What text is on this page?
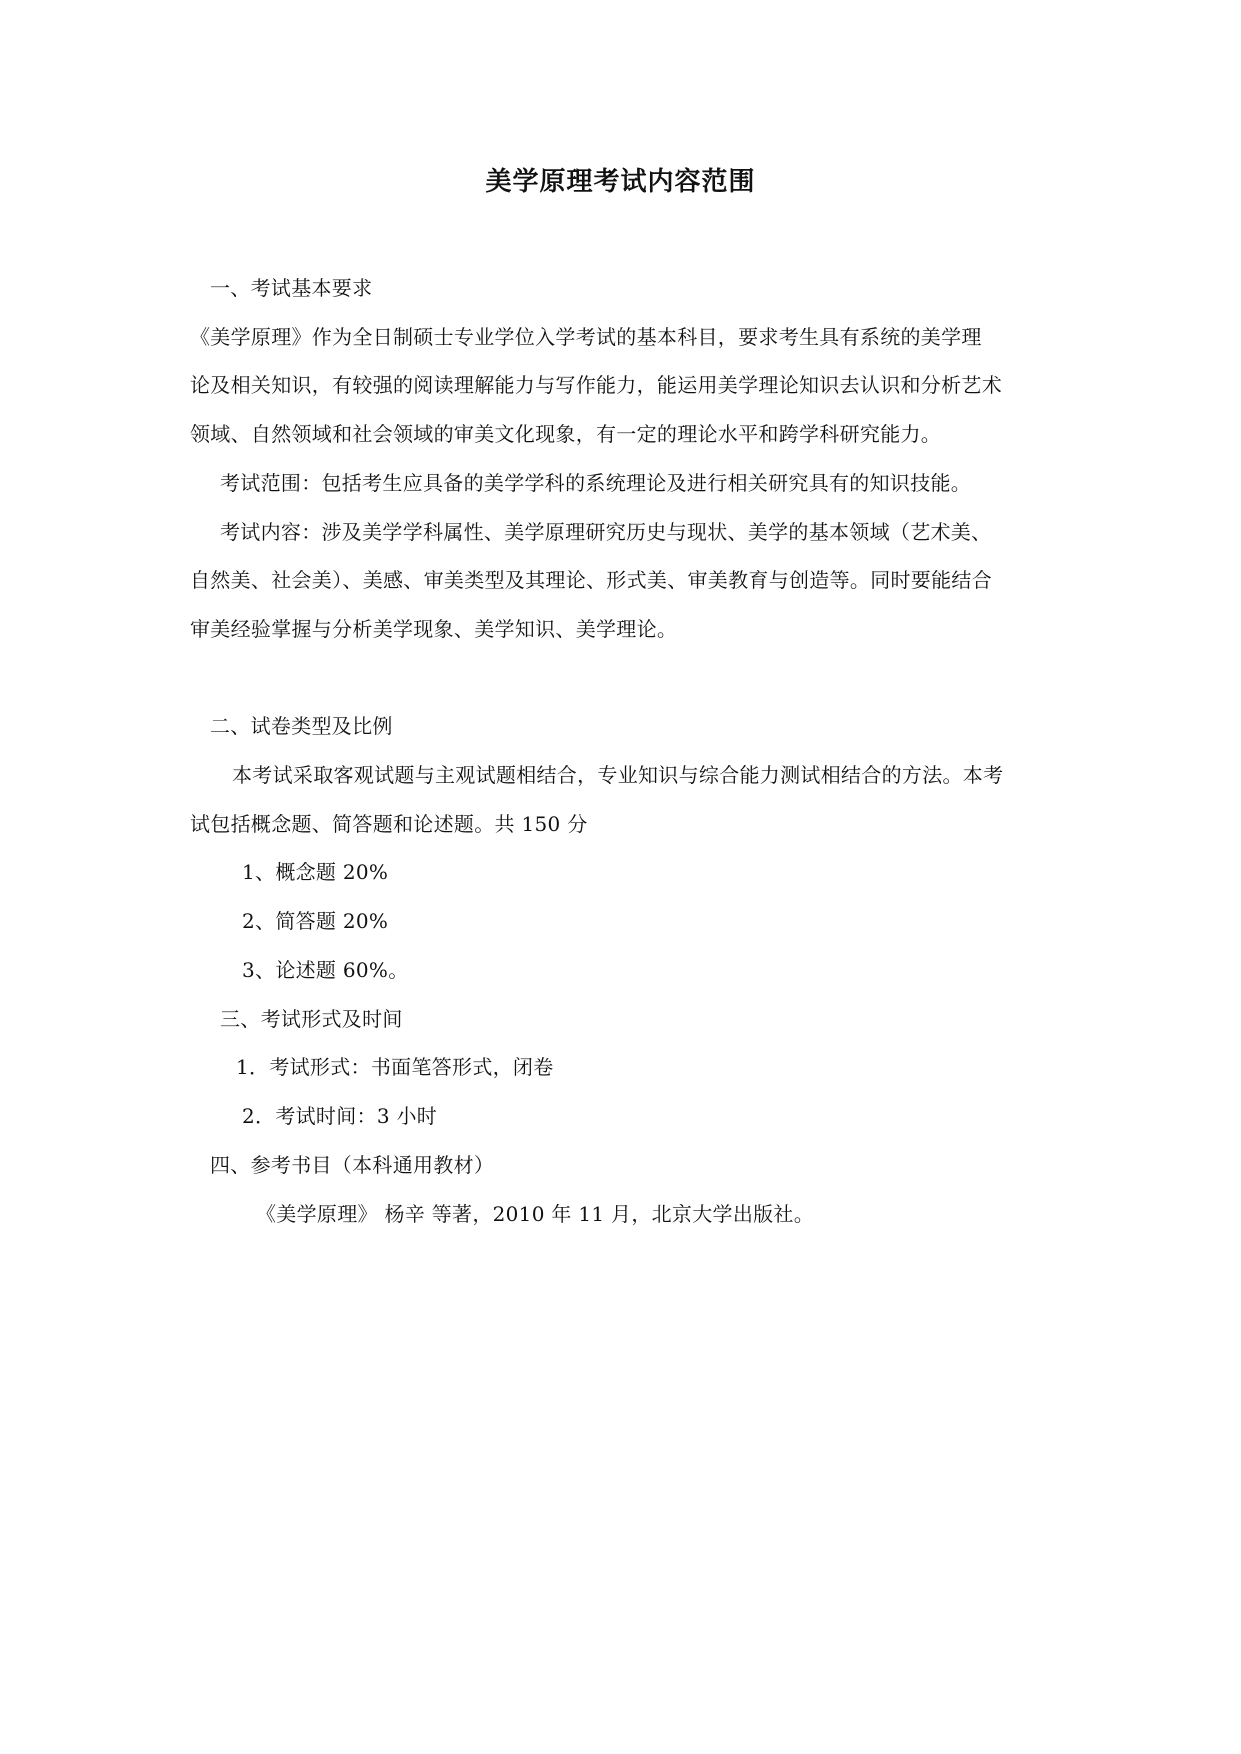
美学原理考试内容范围
一、考试基本要求
《美学原理》作为全日制硕士专业学位入学考试的基本科目，要求考生具有系统的美学理
论及相关知识，有较强的阅读理解能力与写作能力，能运用美学理论知识去认识和分析艺术
领域、自然领域和社会领域的审美文化现象，有一定的理论水平和跨学科研究能力。
考试范围：包括考生应具备的美学学科的系统理论及进行相关研究具有的知识技能。
考试内容：涉及美学学科属性、美学原理研究历史与现状、美学的基本领域（艺术美、
自然美、社会美）、美感、审美类型及其理论、形式美、审美教育与创造等。同时要能结合
审美经验掌握与分析美学现象、美学知识、美学理论。
二、试卷类型及比例
本考试采取客观试题与主观试题相结合，专业知识与综合能力测试相结合的方法。本考
试包括概念题、简答题和论述题。共 150 分
1、概念题 20%
2、简答题 20%
3、论述题 60%。
三、考试形式及时间
1．考试形式：书面笔答形式，闭卷
2．考试时间：3 小时
四、参考书目（本科通用教材）
《美学原理》 杨辛 等著，2010 年 11 月，北京大学出版社。
